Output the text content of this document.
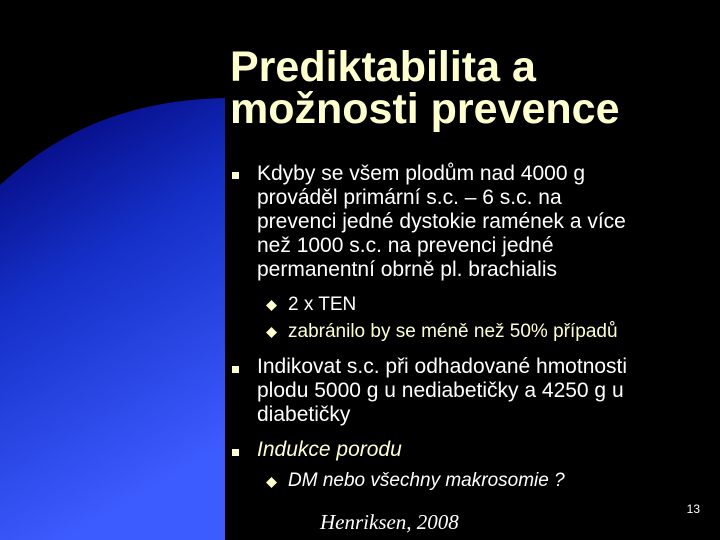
Prediktabilita a
možnosti prevence
Kdyby se všem plodům nad 4000 g
prováděl primární s.c. – 6 s.c. na
prevenci jedné dystokie ramének a více
než 1000 s.c. na prevenci jedné
permanentní obrně pl. brachialis
2 x TEN
zabránilo by se méně než 50% případů
Indikovat s.c. při odhadované hmotnosti
plodu 5000 g u nediabetičky a 4250 g u
diabetičky
Indukce porodu
DM nebo všechny makrosomie ?
Henriksen, 2008
13
